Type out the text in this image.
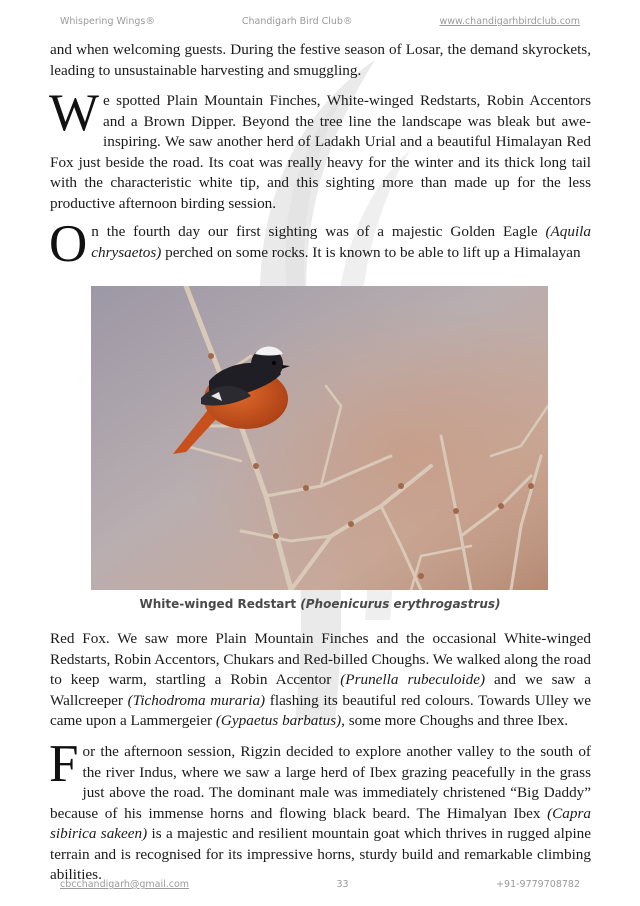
Whispering Wings®	Chandigarh Bird Club®	www.chandigarhbirdclub.com

and when welcoming guests. During the festive season of Losar, the demand skyrockets, leading to unsustainable harvesting and smuggling.

We spotted Plain Mountain Finches, White-winged Redstarts, Robin Accentors and a Brown Dipper. Beyond the tree line the landscape was bleak but awe-inspiring. We saw another herd of Ladakh Urial and a beautiful Himalayan Red Fox just beside the road. Its coat was really heavy for the winter and its thick long tail with the characteristic white tip, and this sighting more than made up for the less productive afternoon birding session.

On the fourth day our first sighting was of a majestic Golden Eagle (Aquila chrysaetos) perched on some rocks. It is known to be able to lift up a Himalayan

White-winged Redstart (Phoenicurus erythrogastrus)

Red Fox. We saw more Plain Mountain Finches and the occasional White-winged Redstarts, Robin Accentors, Chukars and Red-billed Choughs. We walked along the road to keep warm, startling a Robin Accentor (Prunella rubeculoide) and we saw a Wallcreeper (Tichodroma muraria) flashing its beautiful red colours. Towards Ulley we came upon a Lammergeier (Gypaetus barbatus), some more Choughs and three Ibex.

For the afternoon session, Rigzin decided to explore another valley to the south of the river Indus, where we saw a large herd of Ibex grazing peacefully in the grass just above the road. The dominant male was immediately christened “Big Daddy” because of his immense horns and flowing black beard. The Himalyan Ibex (Capra sibirica sakeen) is a majestic and resilient mountain goat which thrives in rugged alpine terrain and is recognised for its impressive horns, sturdy build and remarkable climbing abilities.

cbcchandigarh@gmail.com	33	+91-9779708782
